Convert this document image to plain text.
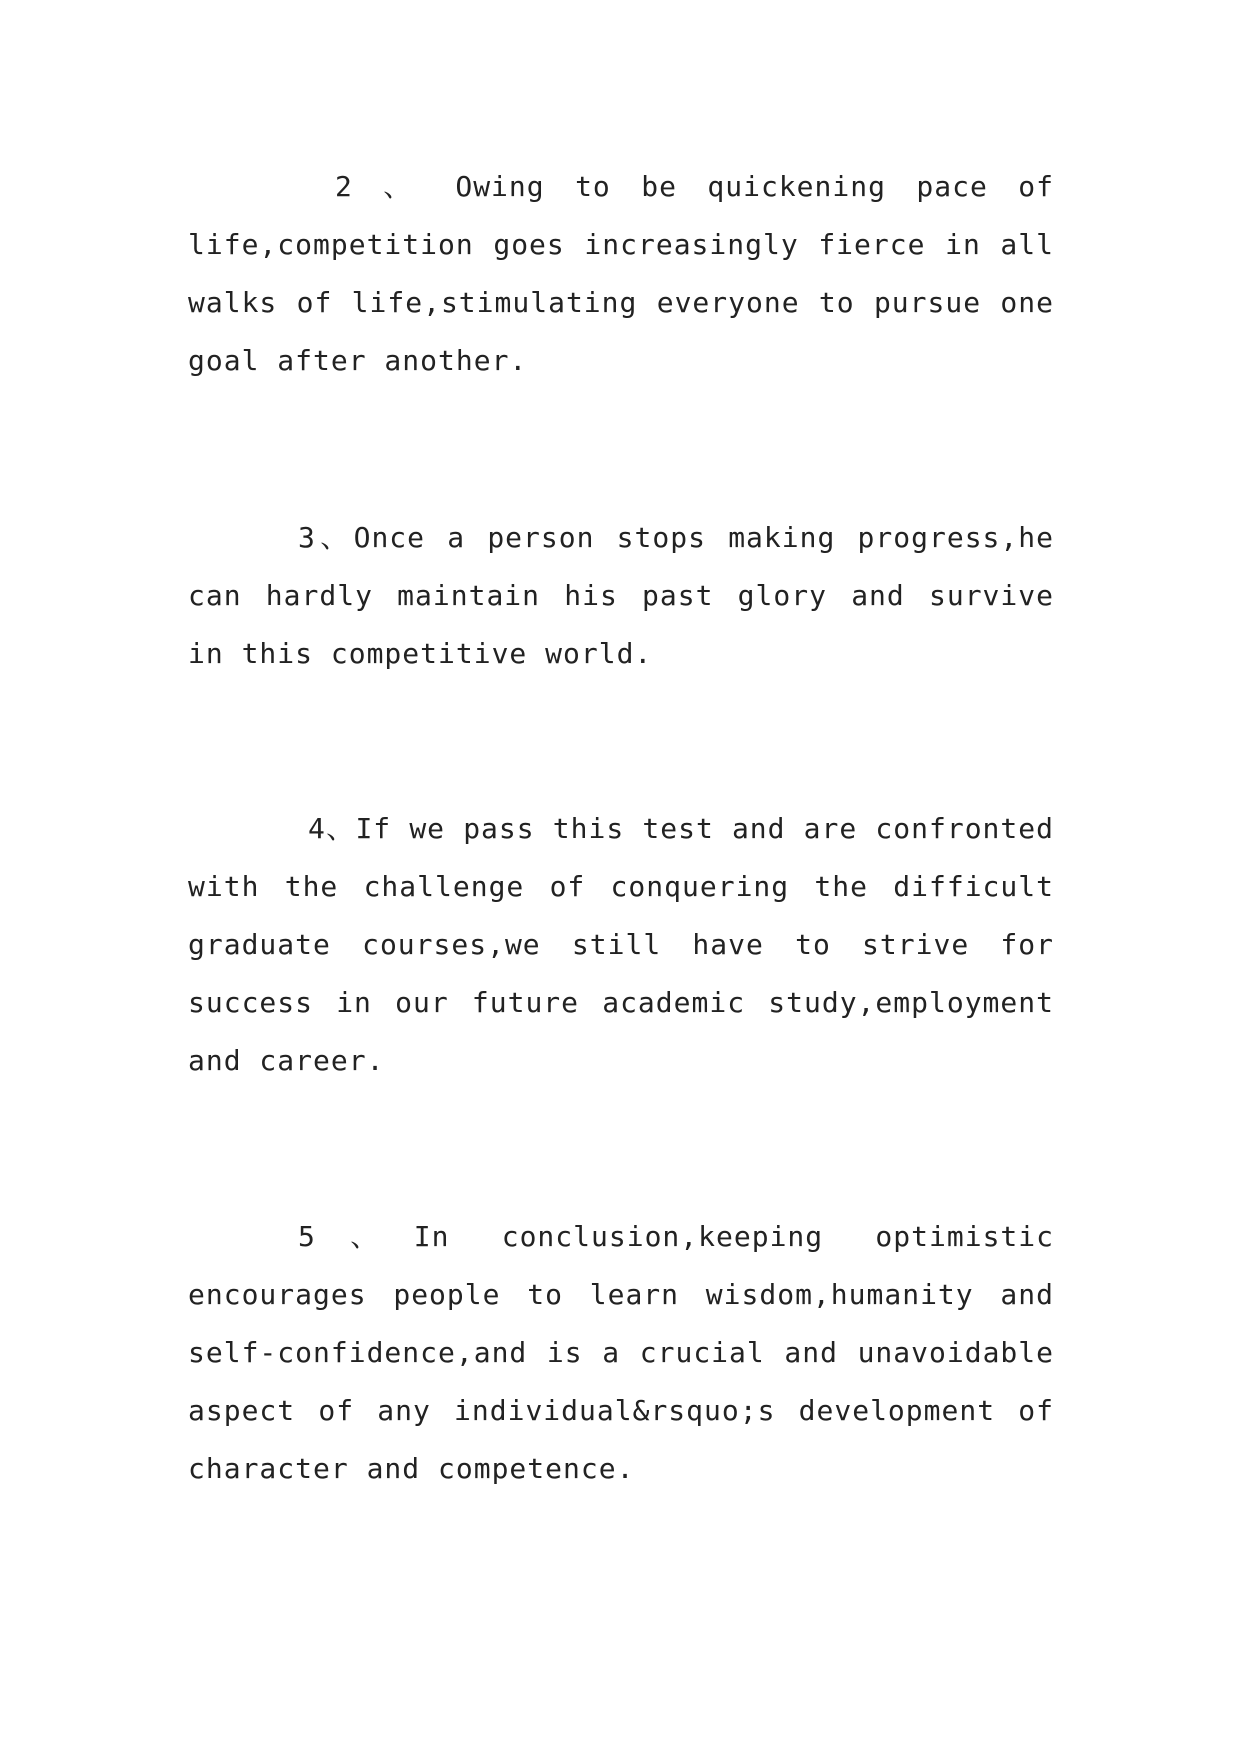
2 、 Owing to be quickening pace of life,competition goes increasingly fierce in all walks of life,stimulating everyone to pursue one goal after another.

3、Once a person stops making progress,he can hardly maintain his past glory and survive in this competitive world.

4、If we pass this test and are confronted with the challenge of conquering the difficult graduate courses,we still have to strive for success in our future academic study,employment and career.

5、In conclusion,keeping optimistic encourages people to learn wisdom,humanity and self-confidence,and is a crucial and unavoidable aspect of any individual&rsquo;s development of character and competence.
